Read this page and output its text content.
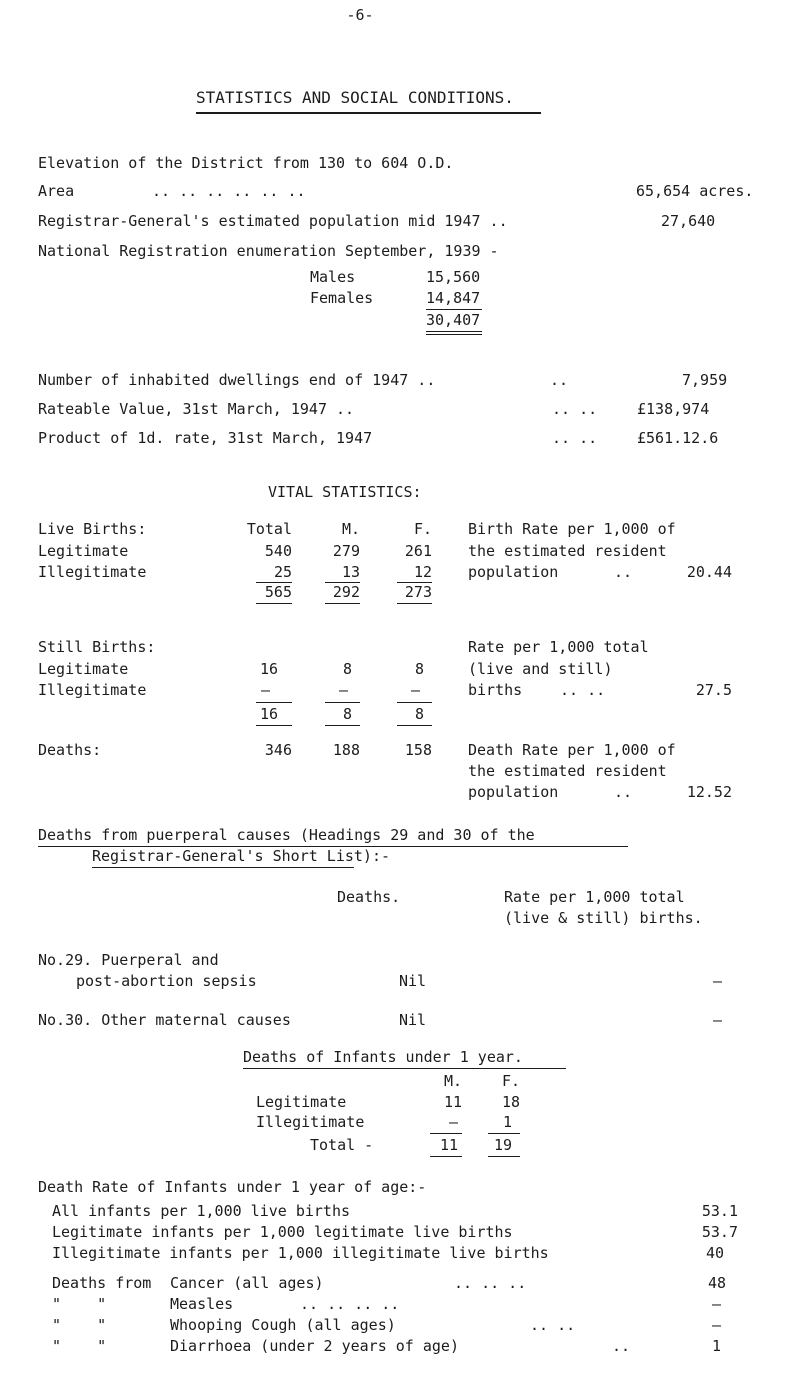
-6-
STATISTICS AND SOCIAL CONDITIONS.
Elevation of the District from 130 to 604 O.D.
Area	.. .. .. .. .. ..	65,654 acres.
Registrar-General's estimated population mid 1947 ..	27,640
National Registration enumeration September, 1939 -
Males	15,560
Females	14,847
30,407
Number of inhabited dwellings end of 1947 ..	..	7,959
Rateable Value, 31st March, 1947 ..	.. ..	£138,974
Product of 1d. rate, 31st March, 1947	.. ..	£561.12.6
VITAL STATISTICS:
Total	M.	F.
Live Births:
Legitimate	540	279	261
Illegitimate	25	13	12
565	292	273
Birth Rate per 1,000 of
the estimated resident
population	..	20.44
Still Births:
Legitimate	16	8	8
Illegitimate	–	–	–
16	8	8
Rate per 1,000 total
(live and still)
births	.. ..	27.5
Deaths:	346	188	158 Death Rate per 1,000 of
the estimated resident
population	..	12.52
Deaths from puerperal causes (Headings 29 and 30 of the
Registrar-General's Short List):-
Deaths.	Rate per 1,000 total
(live & still) births.
No.29. Puerperal and
post-abortion sepsis	Nil	–
No.30. Other maternal causes	Nil	–
Deaths of Infants under 1 year.
M.	F.
Legitimate	11	18
Illegitimate	–	1
Total -	11	19
Death Rate of Infants under 1 year of age:-
All infants per 1,000 live births	53.1
Legitimate infants per 1,000 legitimate live births	53.7
Illegitimate infants per 1,000 illegitimate live births	40
Deaths from Cancer (all ages)	.. .. ..	48
"    "	Measles	.. .. .. ..	–
"    "	Whooping Cough (all ages)	.. ..	–
"    "	Diarrhoea (under 2 years of age)	..	1
